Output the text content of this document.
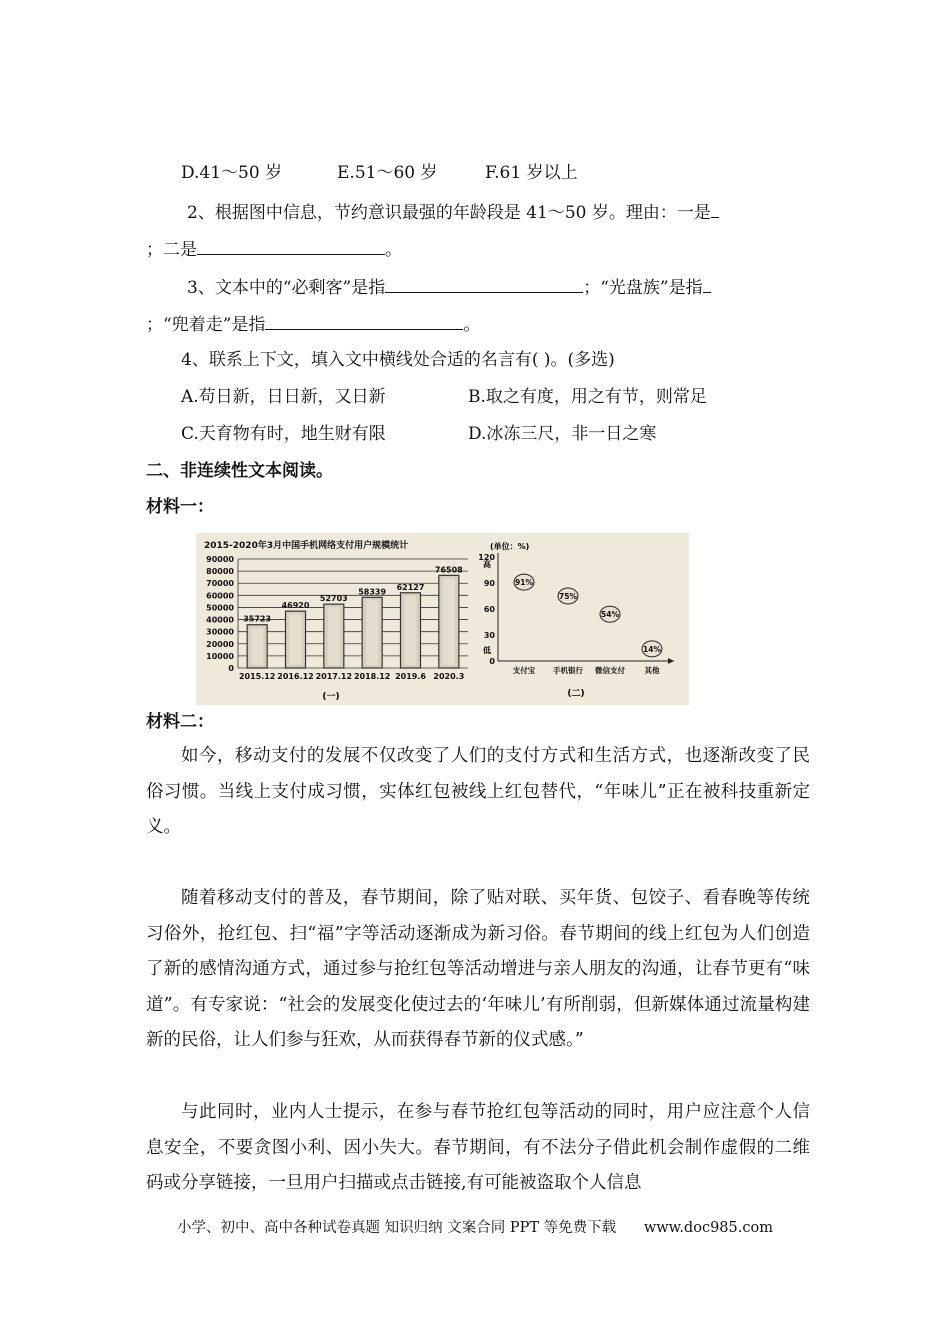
D.41～50 岁	E.51～60 岁	F.61 岁以上
2、根据图中信息，节约意识最强的年龄段是 41～50 岁。理由：一是
；二是	。
3、文本中的“必剩客”是指	；“光盘族”是指
；“兜着走”是指	。
4、联系上下文，填入文中横线处合适的名言有( )。(多选)
A.苟日新，日日新，又日新	B.取之有度，用之有节，则常足
C.天育物有时，地生财有限	D.冰冻三尺，非一日之寒
二、非连续性文本阅读。
材料一：
2015-2020年3月中国手机网络支付用户规模统计
90000
80000
70000
60000
50000
40000
30000
20000
10000
0
35723
46920
52703
58339
62127
76508
2015.12 2016.12 2017.12 2018.12 2019.6 2020.3
(一)
(单位：%)
120
90
60
30
0
高
低
91%
75%
54%
14%
支付宝 手机银行 微信支付	其他
(二)
材料二：
如今，移动支付的发展不仅改变了人们的支付方式和生活方式，也逐渐改变了民俗习惯。当线上支付成习惯，实体红包被线上红包替代，“年味儿”正在被科技重新定义。
随着移动支付的普及，春节期间，除了贴对联、买年货、包饺子、看春晚等传统习俗外，抢红包、扫“福”字等活动逐渐成为新习俗。春节期间的线上红包为人们创造了新的感情沟通方式，通过参与抢红包等活动增进与亲人朋友的沟通，让春节更有“味道”。有专家说：“社会的发展变化使过去的‘年味儿’有所削弱，但新媒体通过流量构建新的民俗，让人们参与狂欢，从而获得春节新的仪式感。”
与此同时，业内人士提示，在参与春节抢红包等活动的同时，用户应注意个人信息安全，不要贪图小利、因小失大。春节期间，有不法分子借此机会制作虚假的二维码或分享链接，一旦用户扫描或点击链接,有可能被盗取个人信息
小学、初中、高中各种试卷真题 知识归纳 文案合同 PPT 等免费下载 www.doc985.com
